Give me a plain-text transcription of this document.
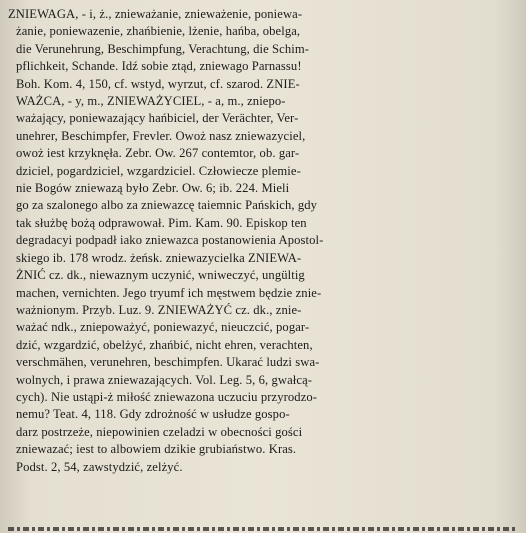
ZNIEWAGA, - i, ż., znieważanie, znieważenie, poniewa-
żanie, poniewazenie, zhańbienie, lżenie, hańba, obelga,
die Verunehrung, Beschimpfung, Verachtung, die Schim-
pflichkeit, Schande. Idź sobie ztąd, zniewago Parnassu!
Boh. Kom. 4, 150, cf. wstyd, wyrzut, cf. szarod. ZNIE-
WAŻCA, - y, m., ZNIEWAŻYCIEL, - a, m., zniepo-
ważający, poniewazający hańbiciel, der Verächter, Ver-
unehrer, Beschimpfer, Frevler. Owoż nasz zniewazyciel,
owoż iest krzyknęła. Zebr. Ow. 267 contemtor, ob. gar-
dziciel, pogardziciel, wzgardziciel. Człowiecze plemie-
nie Bogów zniewazą było Zebr. Ow. 6; ib. 224. Mieli
go za szalonego albo za zniewazcę taiemnic Pańskich, gdy
tak służbę bożą odprawował. Pim. Kam. 90. Episkop ten
degradacyi podpadł iako zniewazca postanowienia Apostol-
skiego ib. 178 wrodz. żeńsk. zniewazycielka ZNIEWA-
ŻNIĆ cz. dk., niewaznym uczynić, wniweczyć, ungültig
machen, vernichten. Jego tryumf ich męstwem będzie znie-
ważnionym. Przyb. Luz. 9. ZNIEWAŻYĆ cz. dk., znie-
ważać ndk., zniepoważyć, poniewazyć, nieuczcić, pogar-
dzić, wzgardzić, obelżyć, zhańbić, nicht ehren, verachten,
verschmähen, verunehren, beschimpfen. Ukarać ludzi swa-
wolnych, i prawa zniewazających. Vol. Leg. 5, 6, gwałcą-
cych). Nie ustąpi-ż miłość zniewazona uczuciu przyrodzo-
nemu? Teat. 4, 118. Gdy zdrożność w usłudze gospo-
darz postrzeże, niepowinien czeladzi w obecności gości
zniewazać; iest to albowiem dzikie grubiaństwo. Kras.
Podst. 2, 54, zawstydzić, zelżyć.
